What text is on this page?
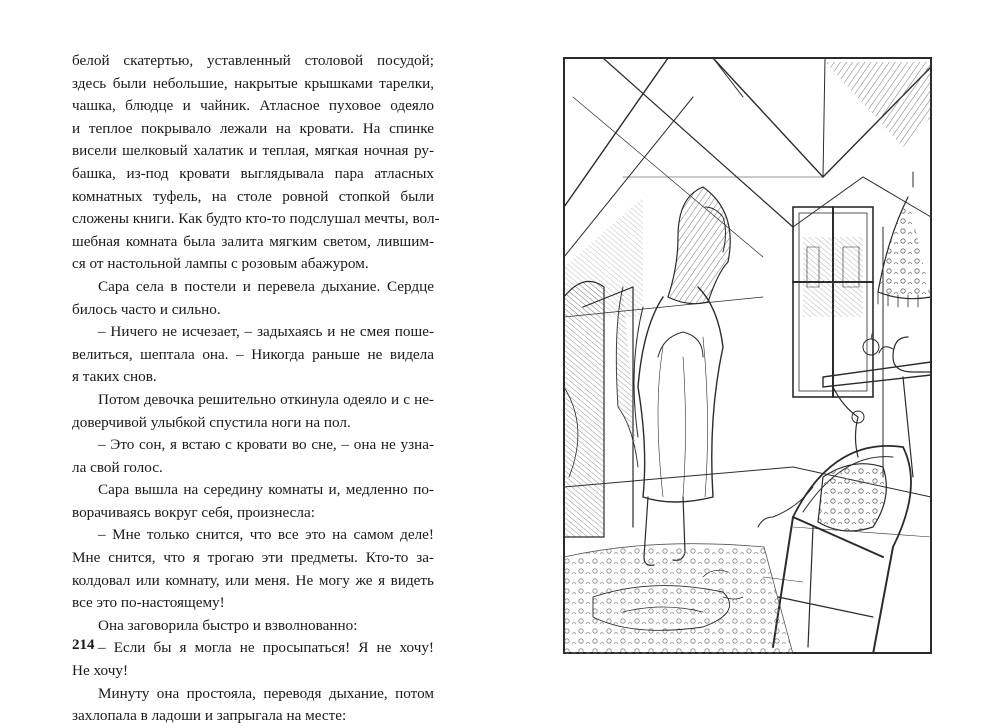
белой скатертью, уставленный столовой посудой;
здесь были небольшие, накрытые крышками тарелки,
чашка, блюдце и чайник. Атласное пуховое одеяло
и теплое покрывало лежали на кровати. На спинке
висели шелковый халатик и теплая, мягкая ночная ру-
башка, из-под кровати выглядывала пара атласных
комнатных туфель, на столе ровной стопкой были
сложены книги. Как будто кто-то подслушал мечты, вол-
шебная комната была залита мягким светом, лившим-
ся от настольной лампы с розовым абажуром.
Сара села в постели и перевела дыхание. Сердце
билось часто и сильно.
– Ничего не исчезает, – задыхаясь и не смея поше-
велиться, шептала она. – Никогда раньше не видела
я таких снов.
Потом девочка решительно откинула одеяло и с не-
доверчивой улыбкой спустила ноги на пол.
– Это сон, я встаю с кровати во сне, – она не узна-
ла свой голос.
Сара вышла на середину комнаты и, медленно по-
ворачиваясь вокруг себя, произнесла:
– Мне только снится, что все это на самом деле!
Мне снится, что я трогаю эти предметы. Кто-то за-
колдовал или комнату, или меня. Не могу же я видеть
все это по-настоящему!
Она заговорила быстро и взволнованно:
– Если бы я могла не просыпаться! Я не хочу!
Не хочу!
Минуту она простояла, переводя дыхание, потом
захлопала в ладоши и запрыгала на месте:
214
